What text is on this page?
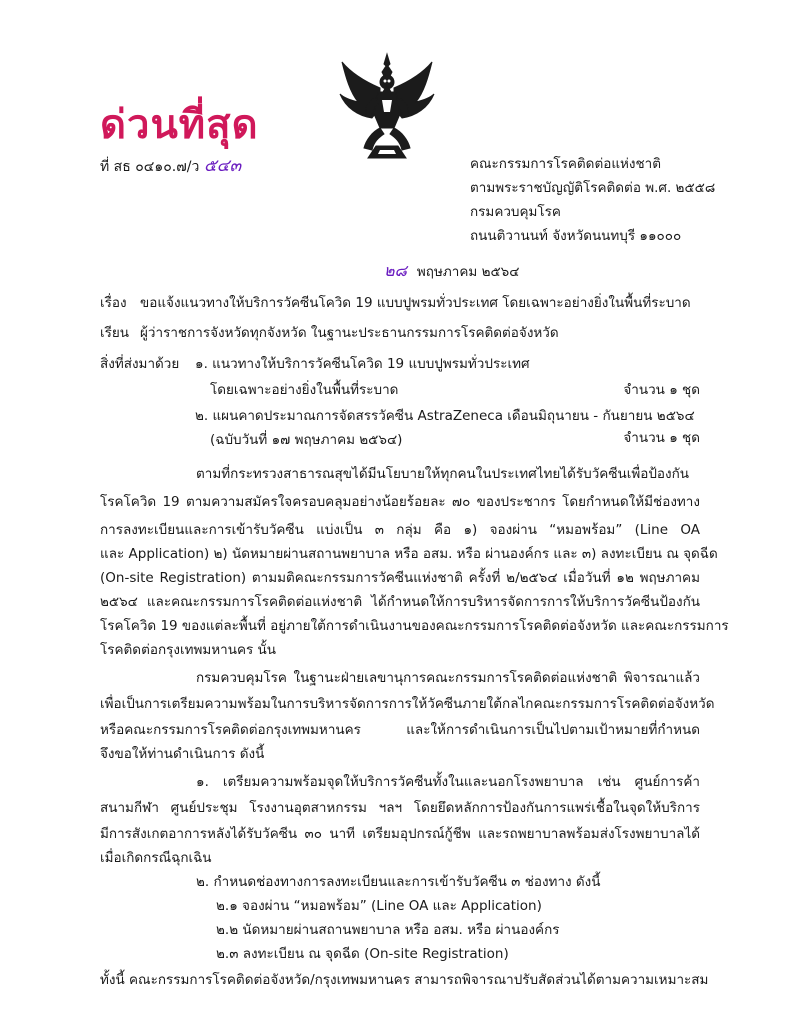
ด่วนที่สุด
ที่ สธ ๐๔๑๐.๗/ว ๕๔๓	คณะกรรมการโรคติดต่อแห่งชาติ
ตามพระราชบัญญัติโรคติดต่อ พ.ศ. ๒๕๕๘
กรมควบคุมโรค
ถนนติวานนท์ จังหวัดนนทบุรี ๑๑๐๐๐
๒๘ พฤษภาคม ๒๕๖๔
เรื่อง ขอแจ้งแนวทางให้บริการวัคซีนโควิด 19 แบบปูพรมทั่วประเทศ โดยเฉพาะอย่างยิ่งในพื้นที่ระบาด
เรียน ผู้ว่าราชการจังหวัดทุกจังหวัด ในฐานะประธานกรรมการโรคติดต่อจังหวัด
สิ่งที่ส่งมาด้วย ๑. แนวทางให้บริการวัคซีนโควิด 19 แบบปูพรมทั่วประเทศ
โดยเฉพาะอย่างยิ่งในพื้นที่ระบาด	จำนวน ๑ ชุด
๒. แผนคาดประมาณการจัดสรรวัคซีน AstraZeneca เดือนมิถุนายน - กันยายน ๒๕๖๔
(ฉบับวันที่ ๑๗ พฤษภาคม ๒๕๖๔)	จำนวน ๑ ชุด
ตามที่กระทรวงสาธารณสุขได้มีนโยบายให้ทุกคนในประเทศไทยได้รับวัคซีนเพื่อป้องกัน
โรคโควิด 19 ตามความสมัครใจครอบคลุมอย่างน้อยร้อยละ ๗๐ ของประชากร โดยกำหนดให้มีช่องทาง
การลงทะเบียนและการเข้ารับวัคซีน แบ่งเป็น ๓ กลุ่ม คือ ๑) จองผ่าน “หมอพร้อม” (Line OA
และ Application) ๒) นัดหมายผ่านสถานพยาบาล หรือ อสม. หรือ ผ่านองค์กร และ ๓) ลงทะเบียน ณ จุดฉีด
(On-site Registration) ตามมติคณะกรรมการวัคซีนแห่งชาติ ครั้งที่ ๒/๒๕๖๔ เมื่อวันที่ ๑๒ พฤษภาคม
๒๕๖๔ และคณะกรรมการโรคติดต่อแห่งชาติ ได้กำหนดให้การบริหารจัดการการให้บริการวัคซีนป้องกัน
โรคโควิด 19 ของแต่ละพื้นที่ อยู่ภายใต้การดำเนินงานของคณะกรรมการโรคติดต่อจังหวัด และคณะกรรมการ
โรคติดต่อกรุงเทพมหานคร นั้น
กรมควบคุมโรค ในฐานะฝ่ายเลขานุการคณะกรรมการโรคติดต่อแห่งชาติ พิจารณาแล้ว
เพื่อเป็นการเตรียมความพร้อมในการบริหารจัดการการให้วัคซีนภายใต้กลไกคณะกรรมการโรคติดต่อจังหวัด
หรือคณะกรรมการโรคติดต่อกรุงเทพมหานคร และให้การดำเนินการเป็นไปตามเป้าหมายที่กำหนด
จึงขอให้ท่านดำเนินการ ดังนี้
๑. เตรียมความพร้อมจุดให้บริการวัคซีนทั้งในและนอกโรงพยาบาล เช่น ศูนย์การค้า
สนามกีฬา ศูนย์ประชุม โรงงานอุตสาหกรรม ฯลฯ โดยยึดหลักการป้องกันการแพร่เชื้อในจุดให้บริการ
มีการสังเกตอาการหลังได้รับวัคซีน ๓๐ นาที เตรียมอุปกรณ์กู้ชีพ และรถพยาบาลพร้อมส่งโรงพยาบาลได้
เมื่อเกิดกรณีฉุกเฉิน
๒. กำหนดช่องทางการลงทะเบียนและการเข้ารับวัคซีน ๓ ช่องทาง ดังนี้
๒.๑ จองผ่าน “หมอพร้อม” (Line OA และ Application)
๒.๒ นัดหมายผ่านสถานพยาบาล หรือ อสม. หรือ ผ่านองค์กร
๒.๓ ลงทะเบียน ณ จุดฉีด (On-site Registration)
ทั้งนี้ คณะกรรมการโรคติดต่อจังหวัด/กรุงเทพมหานคร สามารถพิจารณาปรับสัดส่วนได้ตามความเหมาะสม
